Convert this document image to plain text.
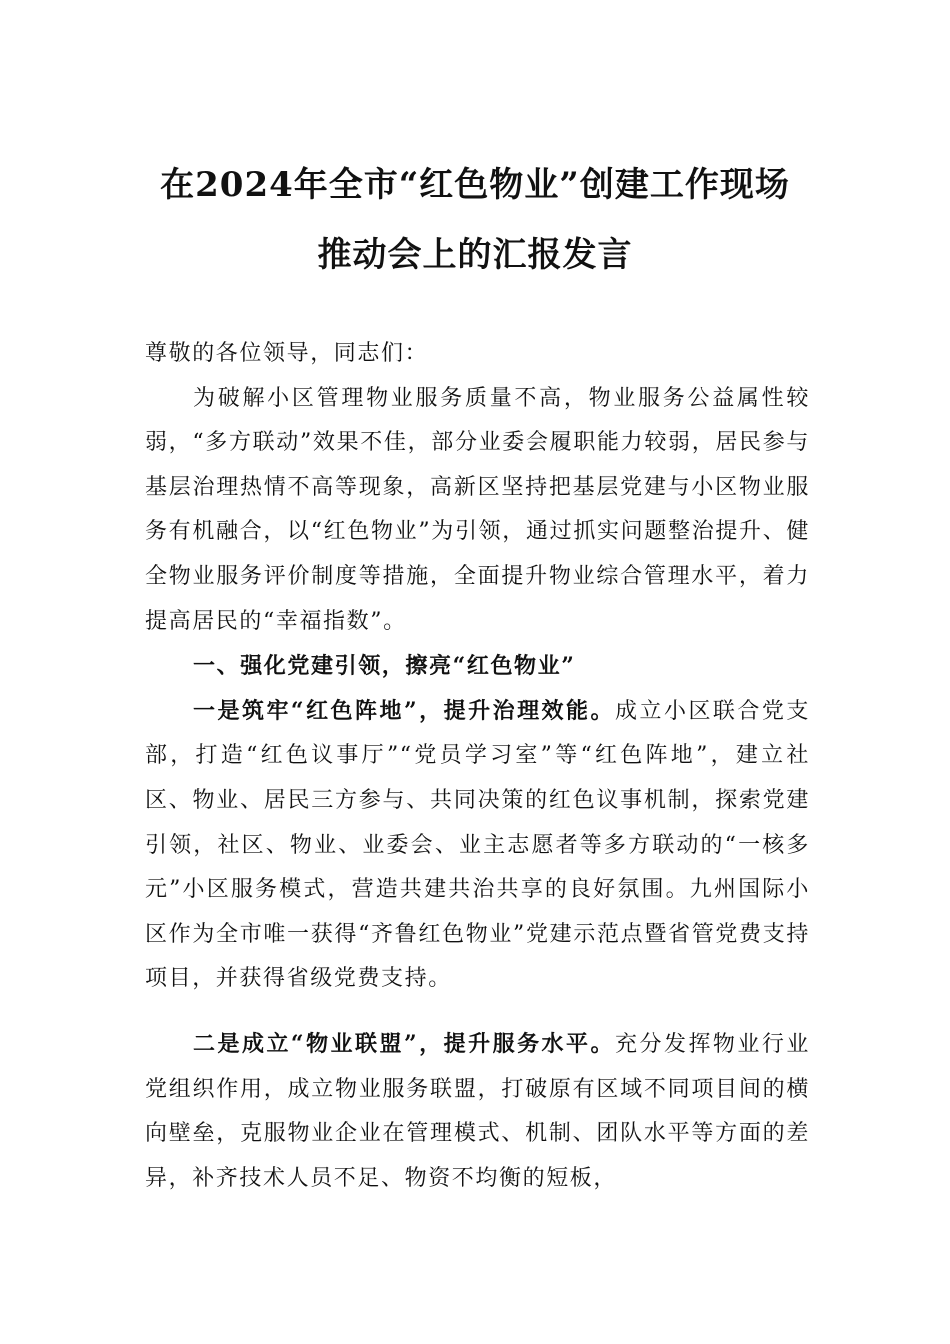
在2024年全市“红色物业”创建工作现场
推动会上的汇报发言

尊敬的各位领导，同志们：

为破解小区管理物业服务质量不高，物业服务公益属性较弱，“多方联动”效果不佳，部分业委会履职能力较弱，居民参与基层治理热情不高等现象，高新区坚持把基层党建与小区物业服务有机融合，以“红色物业”为引领，通过抓实问题整治提升、健全物业服务评价制度等措施，全面提升物业综合管理水平，着力提高居民的“幸福指数”。

一、强化党建引领，擦亮“红色物业”

一是筑牢“红色阵地”，提升治理效能。成立小区联合党支部，打造“红色议事厅”“党员学习室”等“红色阵地”，建立社区、物业、居民三方参与、共同决策的红色议事机制，探索党建引领，社区、物业、业委会、业主志愿者等多方联动的“一核多元”小区服务模式，营造共建共治共享的良好氛围。九州国际小区作为全市唯一获得“齐鲁红色物业”党建示范点暨省管党费支持项目，并获得省级党费支持。

二是成立“物业联盟”，提升服务水平。充分发挥物业行业党组织作用，成立物业服务联盟，打破原有区域不同项目间的横向壁垒，克服物业企业在管理模式、机制、团队水平等方面的差异，补齐技术人员不足、物资不均衡的短板，
